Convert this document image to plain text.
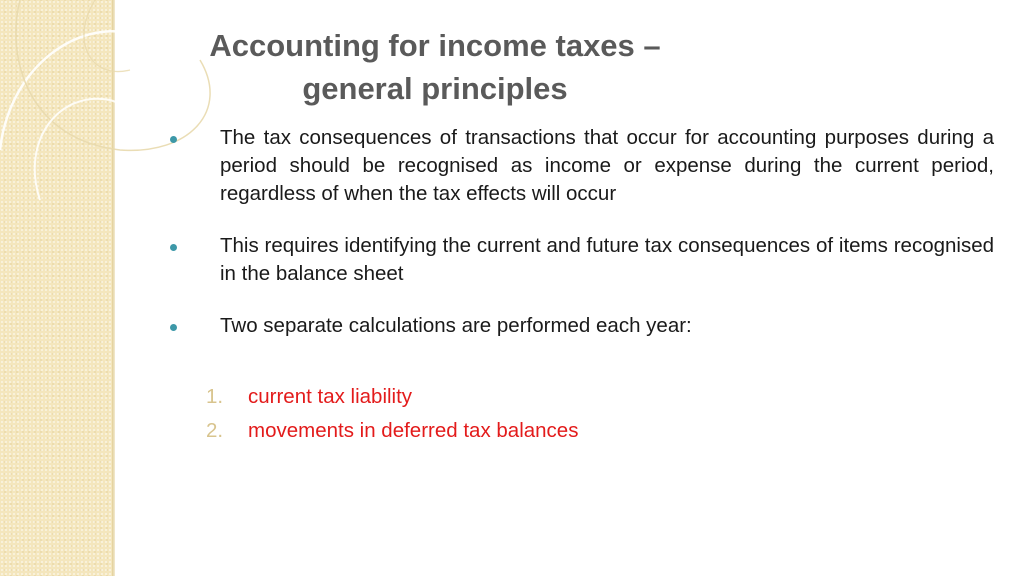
Accounting for income taxes –
general principles
The tax consequences of transactions that occur for accounting purposes during a period should be recognised as income or expense during the current period, regardless of when the tax effects will occur
This requires identifying the current and future tax consequences of items recognised in the balance sheet
Two separate calculations are performed each year:
1.	current tax liability
2.	movements in deferred tax balances
